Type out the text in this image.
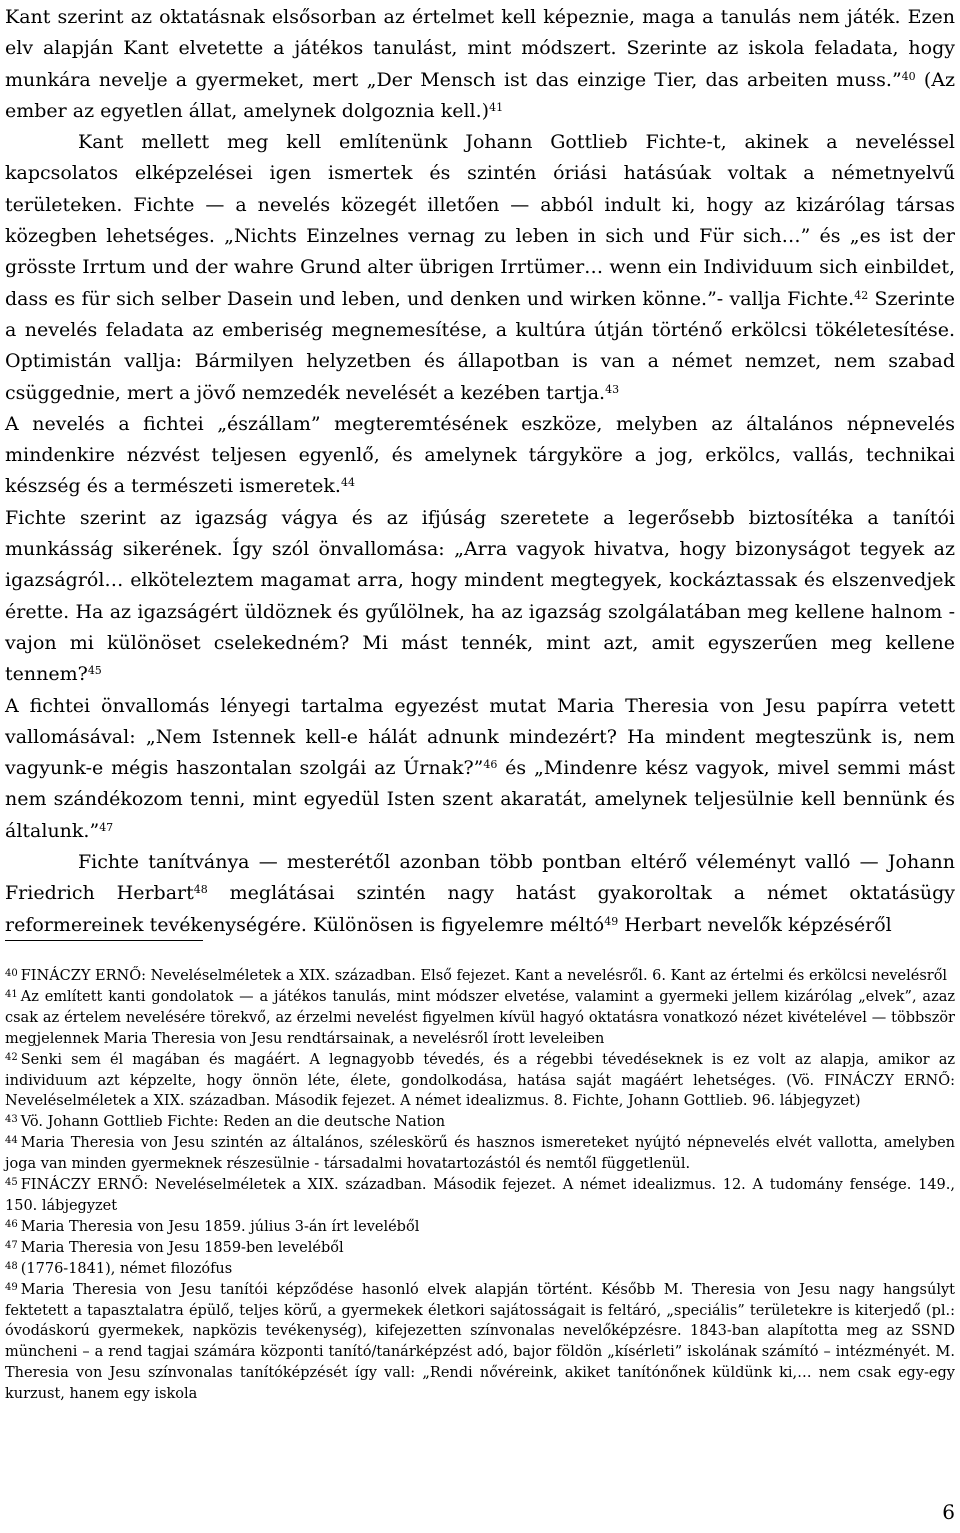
Kant szerint az oktatásnak elsősorban az értelmet kell képeznie, maga a tanulás nem játék. Ezen elv alapján Kant elvetette a játékos tanulást, mint módszert. Szerinte az iskola feladata, hogy munkára nevelje a gyermeket, mert „Der Mensch ist das einzige Tier, das arbeiten muss.”$^{40}$ (Az ember az egyetlen állat, amelynek dolgoznia kell.)$^{41}$

Kant mellett meg kell említenünk Johann Gottlieb Fichte-t, akinek a neveléssel kapcsolatos elképzelései igen ismertek és szintén óriási hatásúak voltak a németnyelvű területeken. Fichte — a nevelés közegét illetően — abból indult ki, hogy az kizárólag társas közegben lehetséges. „Nichts Einzelnes vernag zu leben in sich und Für sich…” és „es ist der grösste Irrtum und der wahre Grund alter übrigen Irrtümer… wenn ein Individuum sich einbildet, dass es für sich selber Dasein und leben, und denken und wirken könne.”- vallja Fichte.$^{42}$ Szerinte a nevelés feladata az emberiség megnemesítése, a kultúra útján történő erkölcsi tökéletesítése. Optimistán vallja: Bármilyen helyzetben és állapotban is van a német nemzet, nem szabad csüggednie, mert a jövő nemzedék nevelését a kezében tartja.$^{43}$

A nevelés a fichtei „észállam” megteremtésének eszköze, melyben az általános népnevelés mindenkire nézvést teljesen egyenlő, és amelynek tárgyköre a jog, erkölcs, vallás, technikai készség és a természeti ismeretek.$^{44}$

Fichte szerint az igazság vágya és az ifjúság szeretete a legerősebb biztosítéka a tanítói munkásság sikerének. Így szól önvallomása: „Arra vagyok hivatva, hogy bizonyságot tegyek az igazságról… elköteleztem magamat arra, hogy mindent megtegyek, kockáztassak és elszenvedjek érette. Ha az igazságért üldöznek és gyűlölnek, ha az igazság szolgálatában meg kellene halnom - vajon mi különöset cselekedném? Mi mást tennék, mint azt, amit egyszerűen meg kellene tennem?$^{45}$

A fichtei önvallomás lényegi tartalma egyezést mutat Maria Theresia von Jesu papírra vetett vallomásával: „Nem Istennek kell-e hálát adnunk mindezért? Ha mindent megteszünk is, nem vagyunk-e mégis haszontalan szolgái az Úrnak?”$^{46}$ és „Mindenre kész vagyok, mivel semmi mást nem szándékozom tenni, mint egyedül Isten szent akaratát, amelynek teljesülnie kell bennünk és általunk.”$^{47}$

Fichte tanítványa — mesterétől azonban több pontban eltérő véleményt valló — Johann Friedrich Herbart$^{48}$ meglátásai szintén nagy hatást gyakoroltak a német oktatásügy reformereinek tevékenységére. Különösen is figyelemre méltó$^{49}$ Herbart nevelők képzéséről

$^{40}$ FINÁCZY ERNŐ: Neveléselméletek a XIX. században. Első fejezet. Kant a nevelésről. 6. Kant az értelmi és erkölcsi nevelésről

$^{41}$ Az említett kanti gondolatok — a játékos tanulás, mint módszer elvetése, valamint a gyermeki jellem kizárólag „elvek”, azaz csak az értelem nevelésére törekvő, az érzelmi nevelést figyelmen kívül hagyó oktatásra vonatkozó nézet kivételével — többször megjelennek Maria Theresia von Jesu rendtársainak, a nevelésről írott leveleiben

$^{42}$ Senki sem él magában és magáért. A legnagyobb tévedés, és a régebbi tévedéseknek is ez volt az alapja, amikor az individuum azt képzelte, hogy önnön léte, élete, gondolkodása, hatása saját magáért lehetséges. (Vö. FINÁCZY ERNŐ: Neveléselméletek a XIX. században. Második fejezet. A német idealizmus. 8. Fichte, Johann Gottlieb. 96. lábjegyzet)

$^{43}$ Vö. Johann Gottlieb Fichte: Reden an die deutsche Nation

$^{44}$ Maria Theresia von Jesu szintén az általános, széleskörű és hasznos ismereteket nyújtó népnevelés elvét vallotta, amelyben joga van minden gyermeknek részesülnie - társadalmi hovatartozástól és nemtől függetlenül.

$^{45}$ FINÁCZY ERNŐ: Neveléselméletek a XIX. században. Második fejezet. A német idealizmus. 12. A tudomány fensége. 149., 150. lábjegyzet

$^{46}$ Maria Theresia von Jesu 1859. július 3-án írt leveléből

$^{47}$ Maria Theresia von Jesu 1859-ben leveléből

$^{48}$ (1776-1841), német filozófus

$^{49}$ Maria Theresia von Jesu tanítói képződése hasonló elvek alapján történt. Később M. Theresia von Jesu nagy hangsúlyt fektetett a tapasztalatra épülő, teljes körű, a gyermekek életkori sajátosságait is feltáró, „speciális” területekre is kiterjedő (pl.: óvodáskorú gyermekek, napközis tevékenység), kifejezetten színvonalas nevelőképzésre. 1843-ban alapította meg az SSND müncheni – a rend tagjai számára központi tanító/tanárképzést adó, bajor földön „kísérleti” iskolának számító – intézményét. M. Theresia von Jesu színvonalas tanítóképzését így vall: „Rendi nővéreink, akiket tanítónőnek küldünk ki,… nem csak egy-egy kurzust, hanem egy iskola

6
